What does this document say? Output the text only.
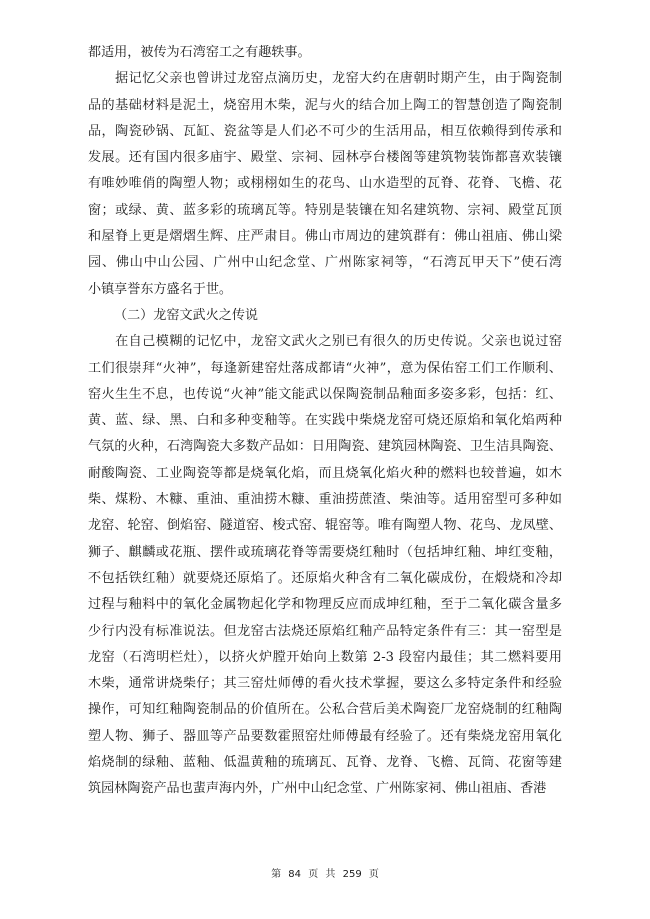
都适用，被传为石湾窑工之有趣轶事。
　　据记忆父亲也曾讲过龙窑点滴历史，龙窑大约在唐朝时期产生，由于陶瓷制
品的基础材料是泥土，烧窑用木柴，泥与火的结合加上陶工的智慧创造了陶瓷制
品，陶瓷砂锅、瓦缸、瓷盆等是人们必不可少的生活用品，相互依赖得到传承和
发展。还有国内很多庙宇、殿堂、宗祠、园林亭台楼阁等建筑物装饰都喜欢装镶
有唯妙唯俏的陶塑人物；或栩栩如生的花鸟、山水造型的瓦脊、花脊、飞檐、花
窗；或绿、黄、蓝多彩的琉璃瓦等。特别是装镶在知名建筑物、宗祠、殿堂瓦顶
和屋脊上更是熠熠生辉、庄严肃目。佛山市周边的建筑群有：佛山祖庙、佛山梁
园、佛山中山公园、广州中山纪念堂、广州陈家祠等，“石湾瓦甲天下”使石湾
小镇享誉东方盛名于世。
（二）龙窑文武火之传说
　　在自己模糊的记忆中，龙窑文武火之别已有很久的历史传说。父亲也说过窑
工们很崇拜“火神”，每逢新建窑灶落成都请“火神”，意为保佑窑工们工作顺利、
窑火生生不息，也传说“火神”能文能武以保陶瓷制品釉面多姿多彩，包括：红、
黄、蓝、绿、黑、白和多种变釉等。在实践中柴烧龙窑可烧还原焰和氧化焰两种
气氛的火种，石湾陶瓷大多数产品如：日用陶瓷、建筑园林陶瓷、卫生洁具陶瓷、
耐酸陶瓷、工业陶瓷等都是烧氧化焰，而且烧氧化焰火种的燃料也较普遍，如木
柴、煤粉、木糠、重油、重油捞木糠、重油捞蔗渣、柴油等。适用窑型可多种如
龙窑、轮窑、倒焰窑、隧道窑、梭式窑、辊窑等。唯有陶塑人物、花鸟、龙凤壁、
狮子、麒麟或花瓶、摆件或琉璃花脊等需要烧红釉时（包括坤红釉、坤红变釉，
不包括铁红釉）就要烧还原焰了。还原焰火种含有二氧化碳成份，在煅烧和冷却
过程与釉料中的氧化金属物起化学和物理反应而成坤红釉，至于二氧化碳含量多
少行内没有标准说法。但龙窑古法烧还原焰红釉产品特定条件有三：其一窑型是
龙窑（石湾明栏灶），以挤火炉膛开始向上数第 2-3 段窑内最佳；其二燃料要用
木柴，通常讲烧柴仔；其三窑灶师傅的看火技术掌握，要这么多特定条件和经验
操作，可知红釉陶瓷制品的价值所在。公私合营后美术陶瓷厂龙窑烧制的红釉陶
塑人物、狮子、器皿等产品要数霍照窑灶师傅最有经验了。还有柴烧龙窑用氧化
焰烧制的绿釉、蓝釉、低温黄釉的琉璃瓦、瓦脊、龙脊、飞檐、瓦筒、花窗等建
筑园林陶瓷产品也蜚声海内外，广州中山纪念堂、广州陈家祠、佛山祖庙、香港
第 84 页 共 259 页
